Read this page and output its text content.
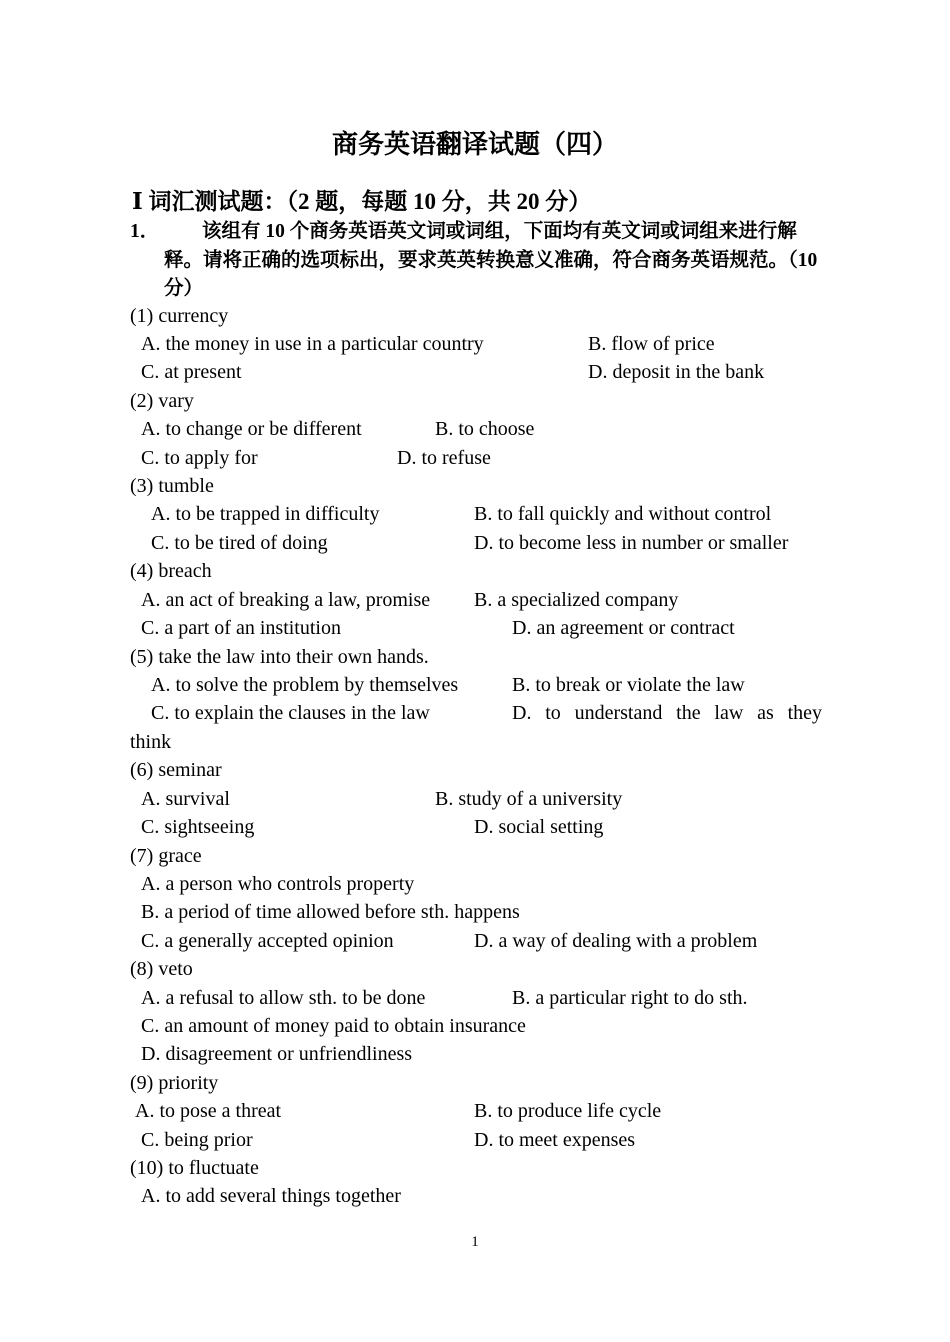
商务英语翻译试题（四）
Ⅰ 词汇测试题：（2 题，每题 10 分，共 20 分）
1．	该组有 10 个商务英语英文词或词组，下面均有英文词或词组来进行解释。请将正确的选项标出，要求英英转换意义准确，符合商务英语规范。（10 分）
(1) currency
A. the money in use in a particular country	B. flow of price
C. at present	D. deposit in the bank
(2) vary
A. to change or be different	B. to choose
C. to apply for	D. to refuse
(3) tumble
A. to be trapped in difficulty	B. to fall quickly and without control
C. to be tired of doing	D. to become less in number or smaller
(4) breach
A. an act of breaking a law, promise B. a specialized company
C. a part of an institution	D. an agreement or contract
(5) take the law into their own hands.
A. to solve the problem by themselves	B. to break or violate the law
C. to explain the clauses in the law	D. to understand the law as they
think
(6) seminar
A. survival	B. study of a university
C. sightseeing	D. social setting
(7) grace
A. a person who controls property
B. a period of time allowed before sth. happens
C. a generally accepted opinion	D. a way of dealing with a problem
(8) veto
A. a refusal to allow sth. to be done	B. a particular right to do sth.
C. an amount of money paid to obtain insurance
D. disagreement or unfriendliness
(9) priority
A. to pose a threat	B. to produce life cycle
C. being prior	D. to meet expenses
(10) to fluctuate
A. to add several things together
1
